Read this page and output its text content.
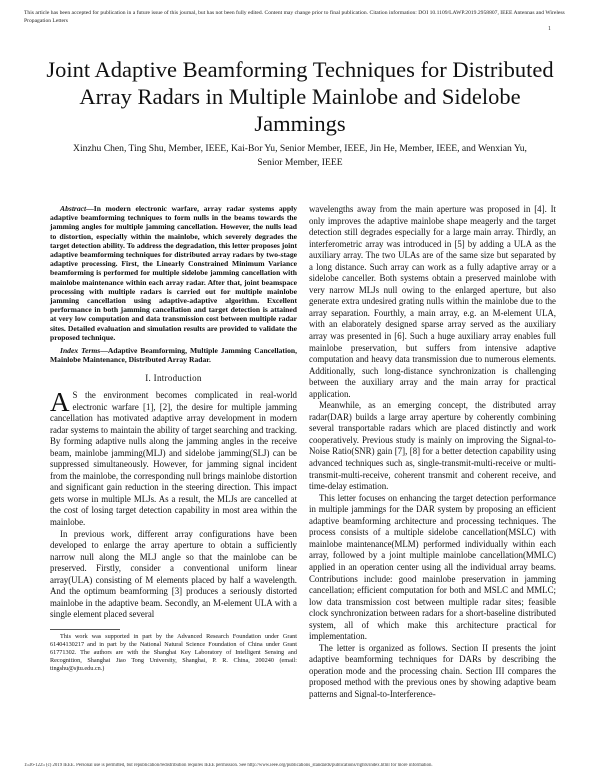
This article has been accepted for publication in a future issue of this journal, but has not been fully edited. Content may change prior to final publication. Citation information: DOI 10.1109/LAWP.2019.2958807, IEEE Antennas and Wireless Propagation Letters
1
Joint Adaptive Beamforming Techniques for Distributed Array Radars in Multiple Mainlobe and Sidelobe Jammings
Xinzhu Chen, Ting Shu, Member, IEEE, Kai-Bor Yu, Senior Member, IEEE, Jin He, Member, IEEE, and Wenxian Yu, Senior Member, IEEE

Abstract—In modern electronic warfare, array radar systems apply adaptive beamforming techniques to form nulls in the beams towards the jamming angles for multiple jamming cancellation. However, the nulls lead to distortion, especially within the mainlobe, which severely degrades the target detection ability. To address the degradation, this letter proposes joint adaptive beamforming techniques for distributed array radars by two-stage adaptive processing. First, the Linearly Constrained Minimum Variance beamforming is performed for multiple sidelobe jamming cancellation with mainlobe maintenance within each array radar. After that, joint beamspace processing with multiple radars is carried out for multiple mainlobe jamming cancellation using adaptive-adaptive algorithm. Excellent performance in both jamming cancellation and target detection is attained at very low computation and data transmission cost between multiple radar sites. Detailed evaluation and simulation results are provided to validate the proposed technique.

Index Terms—Adaptive Beamforming, Multiple Jamming Cancellation, Mainlobe Maintenance, Distributed Array Radar.

I. Introduction

A S the environment becomes complicated in real-world electronic warfare [1], [2], the desire for multiple jamming cancellation has motivated adaptive array development in modern radar systems to maintain the ability of target searching and tracking. By forming adaptive nulls along the jamming angles in the receive beam, mainlobe jamming(MLJ) and sidelobe jamming(SLJ) can be suppressed simultaneously. However, for jamming signal incident from the mainlobe, the corresponding null brings mainlobe distortion and significant gain reduction in the steering direction. This impact gets worse in multiple MLJs. As a result, the MLJs are cancelled at the cost of losing target detection capability in most area within the mainlobe.

In previous work, different array configurations have been developed to enlarge the array aperture to obtain a sufficiently narrow null along the MLJ angle so that the mainlobe can be preserved. Firstly, consider a conventional uniform linear array(ULA) consisting of M elements placed by half a wavelength. And the optimum beamforming [3] produces a seriously distorted mainlobe in the adaptive beam. Secondly, an M-element ULA with a single element placed several

This work was supported in part by the Advanced Research Foundation under Grant 61404130217 and in part by the National Natural Science Foundation of China under Grant 61771302. The authors are with the Shanghai Key Laboratory of Intelligent Sensing and Recognition, Shanghai Jiao Tong University, Shanghai, P. R. China, 200240 (email: tingshu@sjtu.edu.cn.)

wavelengths away from the main aperture was proposed in [4]. It only improves the adaptive mainlobe shape meagerly and the target detection still degrades especially for a large main array. Thirdly, an interferometric array was introduced in [5] by adding a ULA as the auxiliary array. The two ULAs are of the same size but separated by a long distance. Such array can work as a fully adaptive array or a sidelobe canceller. Both systems obtain a preserved mainlobe with very narrow MLJs null owing to the enlarged aperture, but also generate extra undesired grating nulls within the mainlobe due to the array separation. Fourthly, a main array, e.g. an M-element ULA, with an elaborately designed sparse array served as the auxiliary array was presented in [6]. Such a huge auxiliary array enables full mainlobe preservation, but suffers from intensive adaptive computation and heavy data transmission due to numerous elements. Additionally, such long-distance synchronization is challenging between the auxiliary array and the main array for practical application.

Meanwhile, as an emerging concept, the distributed array radar(DAR) builds a large array aperture by coherently combining several transportable radars which are placed distinctly and work cooperatively. Previous study is mainly on improving the Signal-to-Noise Ratio(SNR) gain [7], [8] for a better detection capability using advanced techniques such as, single-transmit-multi-receive or multi-transmit-multi-receive, coherent transmit and coherent receive, and time-delay estimation.

This letter focuses on enhancing the target detection performance in multiple jammings for the DAR system by proposing an efficient adaptive beamforming architecture and processing techniques. The process consists of a multiple sidelobe cancellation(MSLC) with mainlobe maintenance(MLM) performed individually within each array, followed by a joint multiple mainlobe cancellation(MMLC) applied in an operation center using all the individual array beams. Contributions include: good mainlobe preservation in jamming cancellation; efficient computation for both and MSLC and MMLC; low data transmission cost between multiple radar sites; feasible clock synchronization between radars for a short-baseline distributed system, all of which make this architecture practical for implementation.

The letter is organized as follows. Section II presents the joint adaptive beamforming techniques for DARs by describing the operation mode and the processing chain. Section III compares the proposed method with the previous ones by showing adaptive beam patterns and Signal-to-Interference-

1536-1225 (c) 2019 IEEE. Personal use is permitted, but republication/redistribution requires IEEE permission. See http://www.ieee.org/publications_standards/publications/rights/index.html for more information.
